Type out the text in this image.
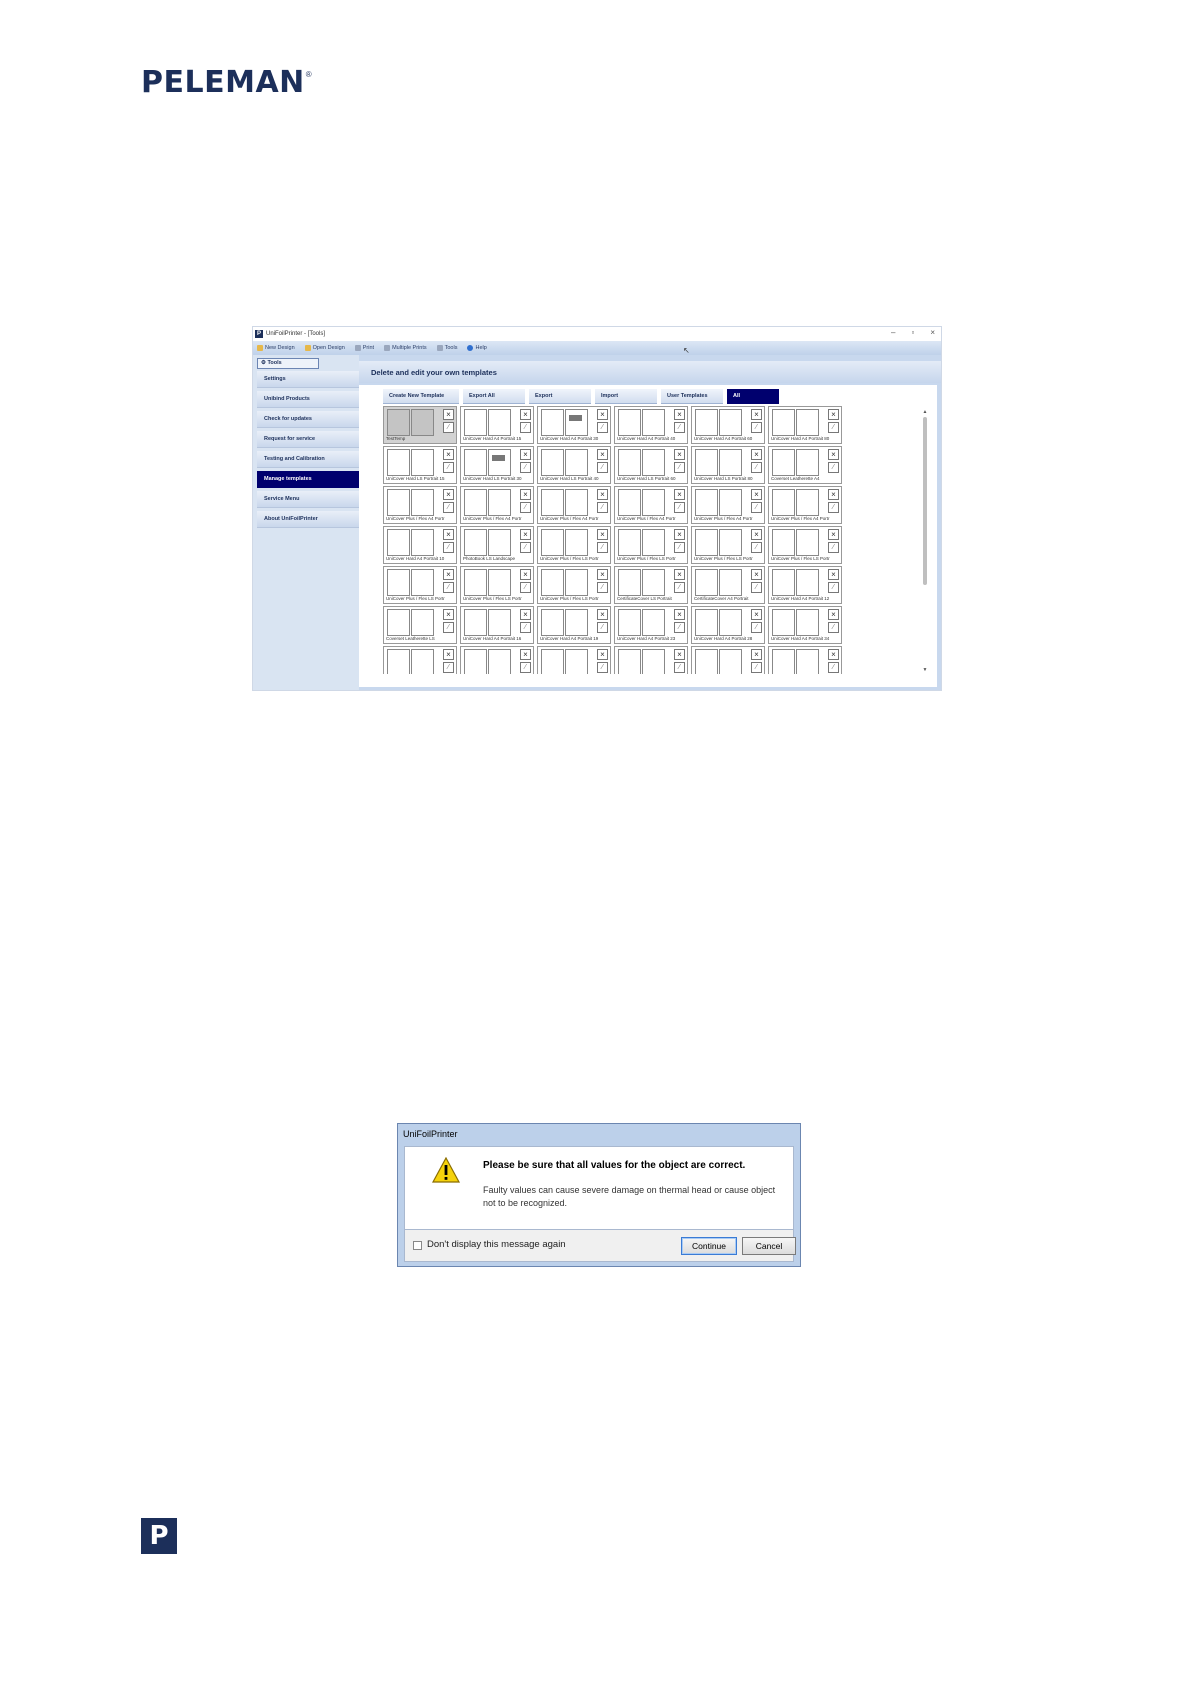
PELEMAN ®
P UniFoilPrinter - [Tools]	– ▫ ×
New Design	Open Design	Print	Multiple Prints	Tools	Help	↖
⚙ Tools
Settings
Unibind Products
Check for updates
Request for service
Testing and Calibration
Manage templates
Service Menu
About UniFoilPrinter
Delete and edit your own templates
Create New Template	Export All	Export	Import	User Templates	All
×
⁄
TestTemp
×
⁄
UniCover Hard A4 Portrait 15
×
⁄
UniCover Hard A4 Portrait 30
×
⁄
UniCover Hard A4 Portrait 40
×
⁄
UniCover Hard A4 Portrait 60
×
⁄
UniCover Hard A4 Portrait 80
×
⁄
UniCover Hard LS Portrait 15
×
⁄
UniCover Hard LS Portrait 30
×
⁄
UniCover Hard LS Portrait 40
×
⁄
UniCover Hard LS Portrait 60
×
⁄
UniCover Hard LS Portrait 80
×
⁄
Coverset Leatherette A4
×
⁄
UniCover Plus / Flex A4 Portr
×
⁄
UniCover Plus / Flex A4 Portr
×
⁄
UniCover Plus / Flex A4 Portr
×
⁄
UniCover Plus / Flex A4 Portr
×
⁄
UniCover Plus / Flex A4 Portr
×
⁄
UniCover Plus / Flex A4 Portr
×
⁄
UniCover Hard A4 Portrait 10
×
⁄
PhotoBook LS Landscape
×
⁄
UniCover Plus / Flex LS Portr
×
⁄
UniCover Plus / Flex LS Portr
×
⁄
UniCover Plus / Flex LS Portr
×
⁄
UniCover Plus / Flex LS Portr
×
⁄
UniCover Plus / Flex LS Portr
×
⁄
UniCover Plus / Flex LS Portr
×
⁄
UniCover Plus / Flex LS Portr
×
⁄
CertificateCover LS Portrait
×
⁄
CertificateCover A4 Portrait
×
⁄
UniCover Hard A4 Portrait 12
×
⁄
Coverset Leatherette LS
×
⁄
UniCover Hard A4 Portrait 16
×
⁄
UniCover Hard A4 Portrait 19
×
⁄
UniCover Hard A4 Portrait 23
×
⁄
UniCover Hard A4 Portrait 28
×
⁄
UniCover Hard A4 Portrait 34
×
⁄
×
⁄
×
⁄
×
⁄
×
⁄
×
⁄
▲
▼
UniFoilPrinter
Please be sure that all values for the object are correct.
Faulty values can cause severe damage on thermal head or cause object not to be recognized.
Don't display this message again	Continue	Cancel
P
